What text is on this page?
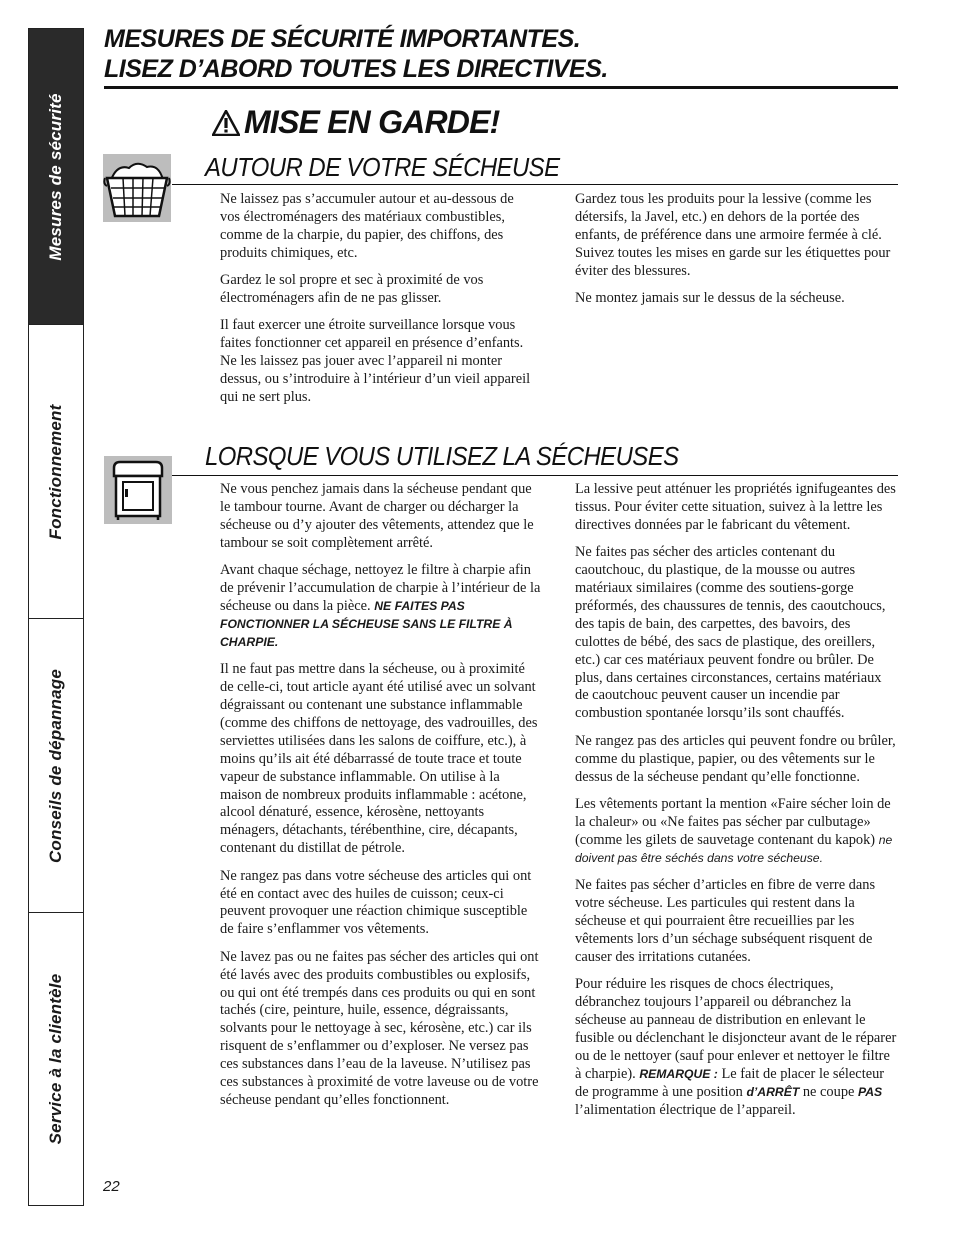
Mesures de sécurité
Fonctionnement
Conseils de dépannage
Service à la clientèle
MESURES DE SÉCURITÉ IMPORTANTES.
LISEZ D’ABORD TOUTES LES DIRECTIVES.
MISE EN GARDE!
AUTOUR DE VOTRE SÉCHEUSE

Ne laissez pas s’accumuler autour et au-dessous de vos électroménagers des matériaux combustibles, comme de la charpie, du papier, des chiffons, des produits chimiques, etc.

Gardez le sol propre et sec à proximité de vos électroménagers afin de ne pas glisser.

Il faut exercer une étroite surveillance lorsque vous faites fonctionner cet appareil en présence d’enfants. Ne les laissez pas jouer avec l’appareil ni monter dessus, ou s’introduire à l’intérieur d’un vieil appareil qui ne sert plus.

Gardez tous les produits pour la lessive (comme les détersifs, la Javel, etc.) en dehors de la portée des enfants, de préférence dans une armoire fermée à clé. Suivez toutes les mises en garde sur les étiquettes pour éviter des blessures.

Ne montez jamais sur le dessus de la sécheuse.

LORSQUE VOUS UTILISEZ LA SÉCHEUSES

Ne vous penchez jamais dans la sécheuse pendant que le tambour tourne. Avant de charger ou décharger la sécheuse ou d’y ajouter des vêtements, attendez que le tambour se soit complètement arrêté.

Avant chaque séchage, nettoyez le filtre à charpie afin de prévenir l’accumulation de charpie à l’intérieur de la sécheuse ou dans la pièce. NE FAITES PAS FONCTIONNER LA SÉCHEUSE SANS LE FILTRE À CHARPIE.

Il ne faut pas mettre dans la sécheuse, ou à proximité de celle-ci, tout article ayant été utilisé avec un solvant dégraissant ou contenant une substance inflammable (comme des chiffons de nettoyage, des vadrouilles, des serviettes utilisées dans les salons de coiffure, etc.), à moins qu’ils ait été débarrassé de toute trace et toute vapeur de substance inflammable. On utilise à la maison de nombreux produits inflammable : acétone, alcool dénaturé, essence, kérosène, nettoyants ménagers, détachants, térébenthine, cire, décapants, contenant du distillat de pétrole.

Ne rangez pas dans votre sécheuse des articles qui ont été en contact avec des huiles de cuisson; ceux-ci peuvent provoquer une réaction chimique susceptible de faire s’enflammer vos vêtements.

Ne lavez pas ou ne faites pas sécher des articles qui ont été lavés avec des produits combustibles ou explosifs, ou qui ont été trempés dans ces produits ou qui en sont tachés (cire, peinture, huile, essence, dégraissants, solvants pour le nettoyage à sec, kérosène, etc.) car ils risquent de s’enflammer ou d’exploser. Ne versez pas ces substances dans l’eau de la laveuse. N’utilisez pas ces substances à proximité de votre laveuse ou de votre sécheuse pendant qu’elles fonctionnent.

La lessive peut atténuer les propriétés ignifugeantes des tissus. Pour éviter cette situation, suivez à la lettre les directives données par le fabricant du vêtement.

Ne faites pas sécher des articles contenant du caoutchouc, du plastique, de la mousse ou autres matériaux similaires (comme des soutiens-gorge préformés, des chaussures de tennis, des caoutchoucs, des tapis de bain, des carpettes, des bavoirs, des culottes de bébé, des sacs de plastique, des oreillers, etc.) car ces matériaux peuvent fondre ou brûler. De plus, dans certaines circonstances, certains matériaux de caoutchouc peuvent causer un incendie par combustion spontanée lorsqu’ils sont chauffés.

Ne rangez pas des articles qui peuvent fondre ou brûler, comme du plastique, papier, ou des vêtements sur le dessus de la sécheuse pendant qu’elle fonctionne.

Les vêtements portant la mention «Faire sécher loin de la chaleur» ou «Ne faites pas sécher par culbutage» (comme les gilets de sauvetage contenant du kapok) ne doivent pas être séchés dans votre sécheuse.

Ne faites pas sécher d’articles en fibre de verre dans votre sécheuse. Les particules qui restent dans la sécheuse et qui pourraient être recueillies par les vêtements lors d’un séchage subséquent risquent de causer des irritations cutanées.

Pour réduire les risques de chocs électriques, débranchez toujours l’appareil ou débranchez la sécheuse au panneau de distribution en enlevant le fusible ou déclenchant le disjoncteur avant de le réparer ou de le nettoyer (sauf pour enlever et nettoyer le filtre à charpie). REMARQUE : Le fait de placer le sélecteur de programme à une position d’ARRÊT ne coupe PAS l’alimentation électrique de l’appareil.

22
